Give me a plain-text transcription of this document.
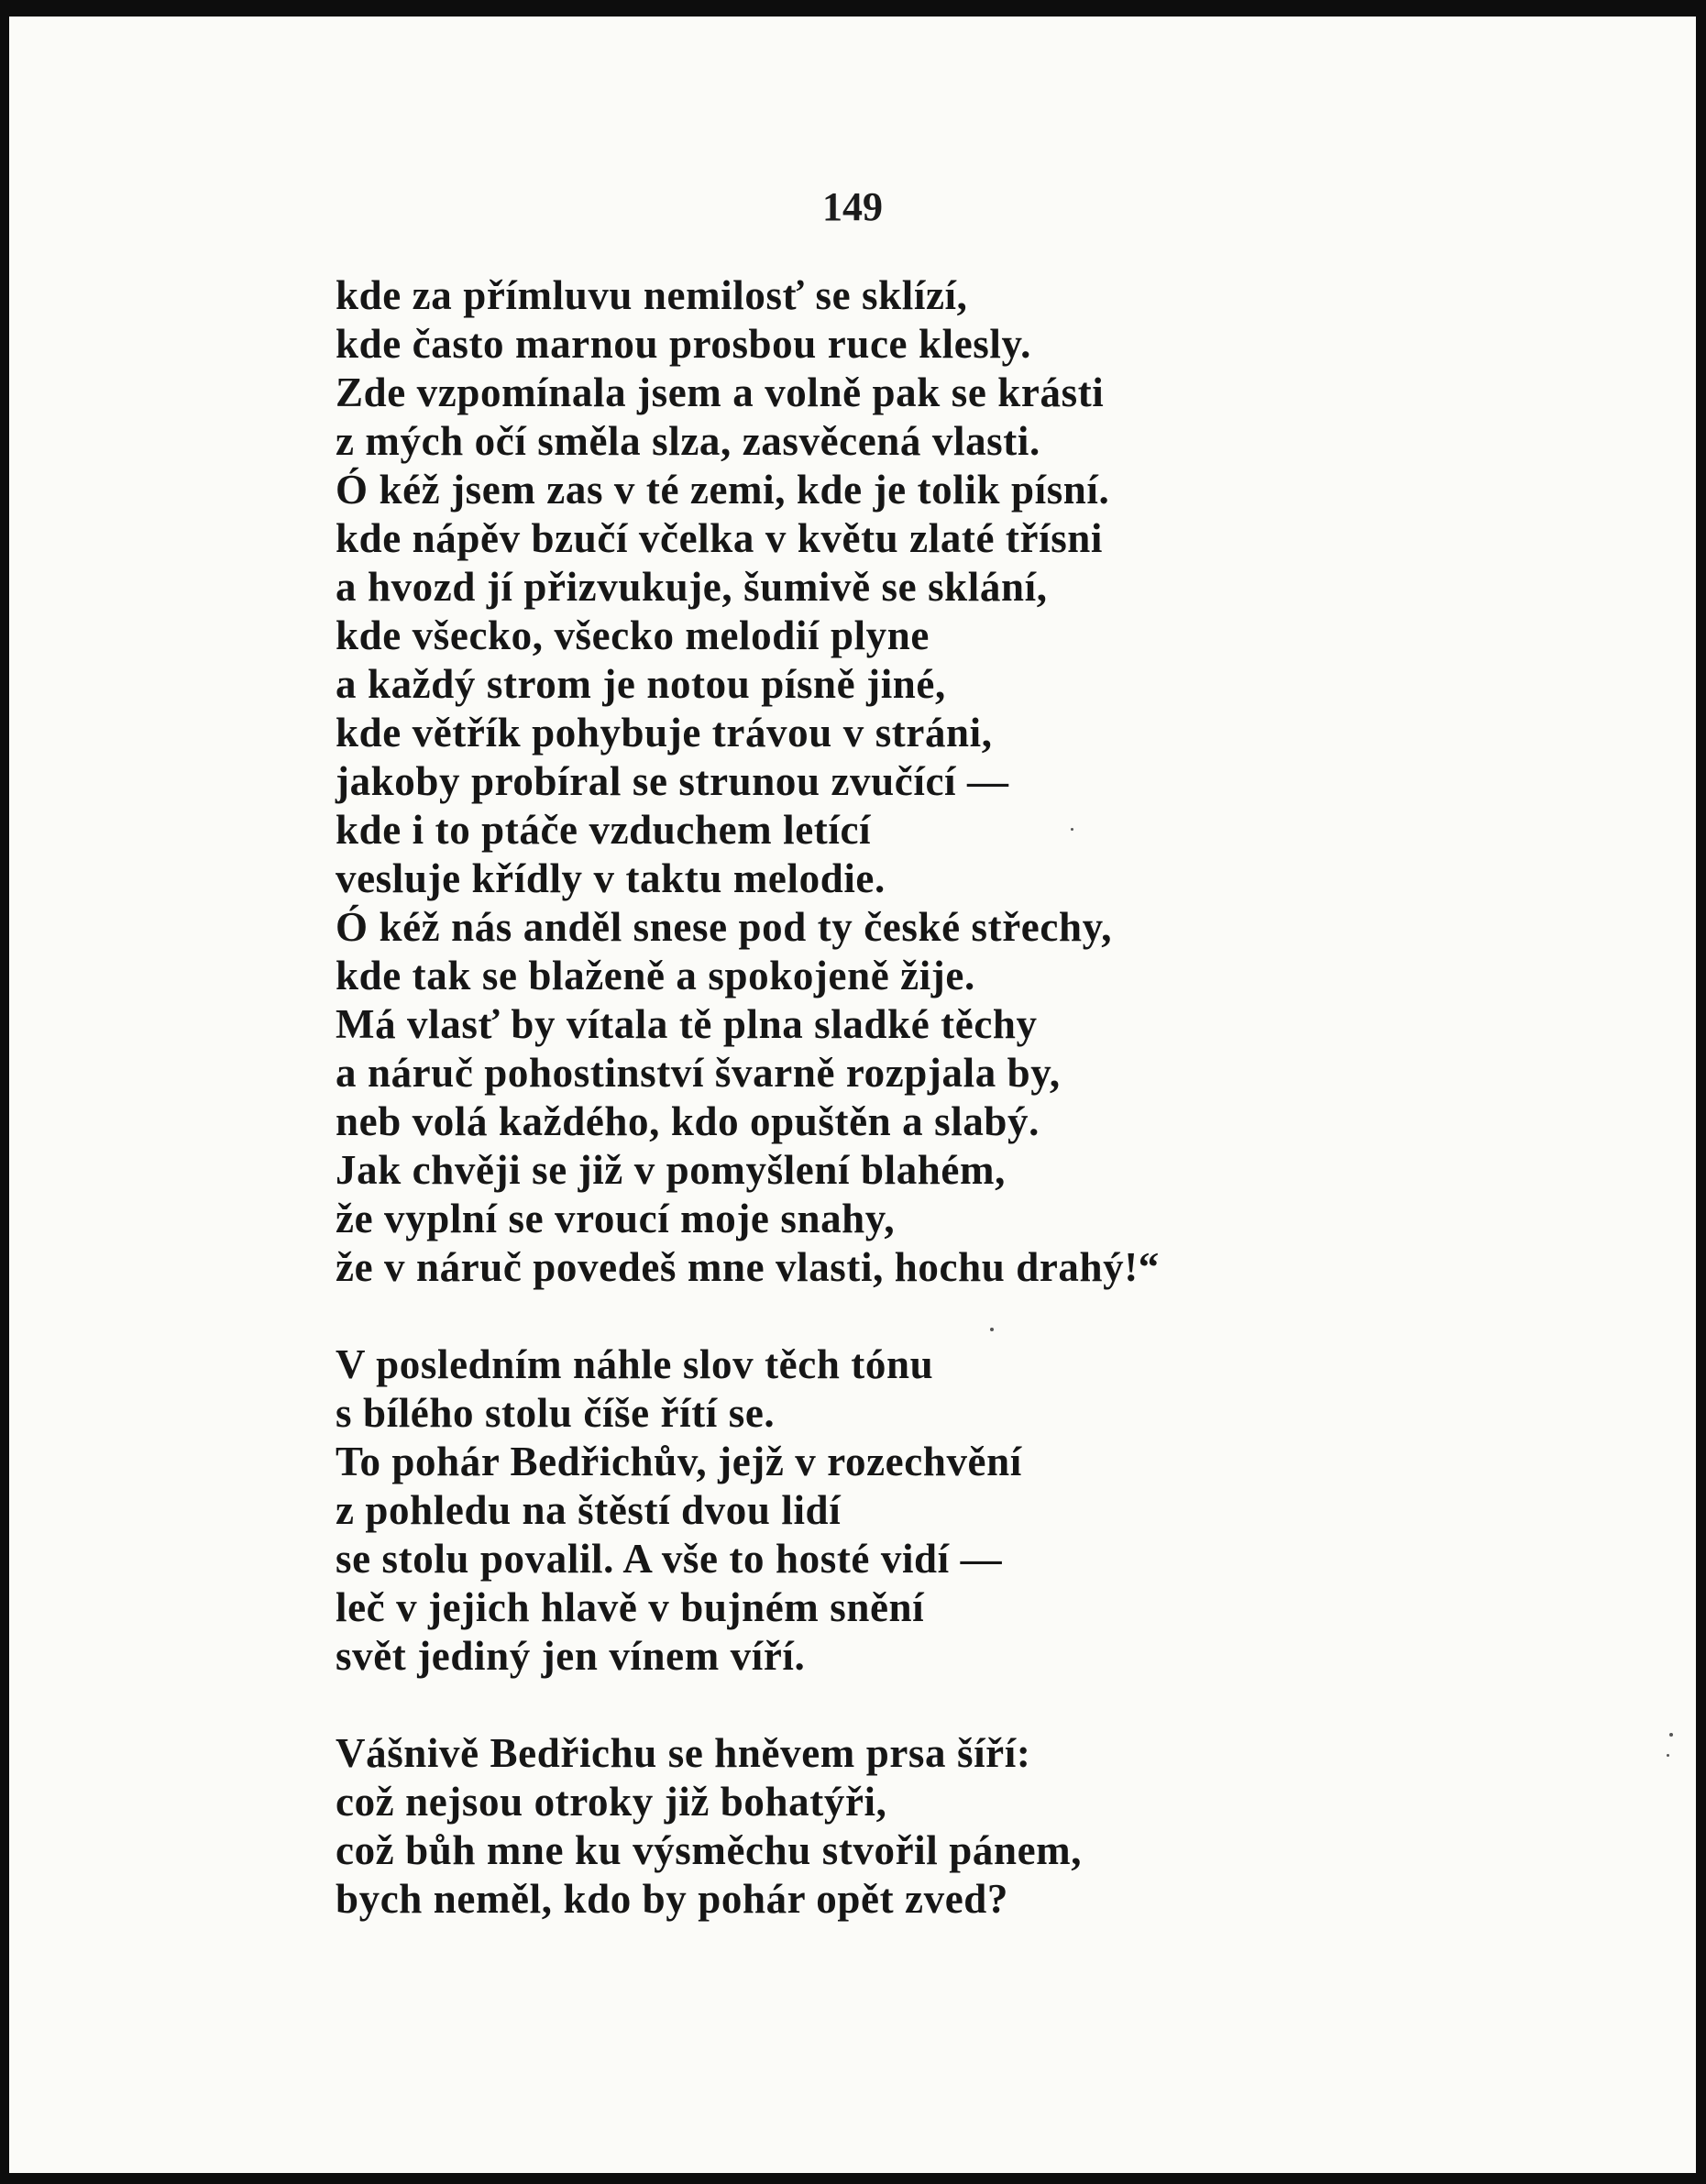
149
kde za přímluvu nemilosť se sklízí,
kde často marnou prosbou ruce klesly.
Zde vzpomínala jsem a volně pak se krásti
z mých očí směla slza, zasvěcená vlasti.
Ó kéž jsem zas v té zemi, kde je tolik písní.
kde nápěv bzučí včelka v květu zlaté třísni
a hvozd jí přizvukuje, šumivě se sklání,
kde všecko, všecko melodií plyne
a každý strom je notou písně jiné,
kde větřík pohybuje trávou v stráni,
jakoby probíral se strunou zvučící —
kde i to ptáče vzduchem letící
vesluje křídly v taktu melodie.
Ó kéž nás anděl snese pod ty české střechy,
kde tak se blaženě a spokojeně žije.
Má vlasť by vítala tě plna sladké těchy
a náruč pohostinství švarně rozpjala by,
neb volá každého, kdo opuštěn a slabý.
Jak chvěji se již v pomyšlení blahém,
že vyplní se vroucí moje snahy,
že v náruč povedeš mne vlasti, hochu drahý!“
V posledním náhle slov těch tónu
s bílého stolu číše řítí se.
To pohár Bedřichův, jejž v rozechvění
z pohledu na štěstí dvou lidí
se stolu povalil. A vše to hosté vidí —
leč v jejich hlavě v bujném snění
svět jediný jen vínem víří.
Vášnivě Bedřichu se hněvem prsa šíří:
což nejsou otroky již bohatýři,
což bůh mne ku výsměchu stvořil pánem,
bych neměl, kdo by pohár opět zved?
